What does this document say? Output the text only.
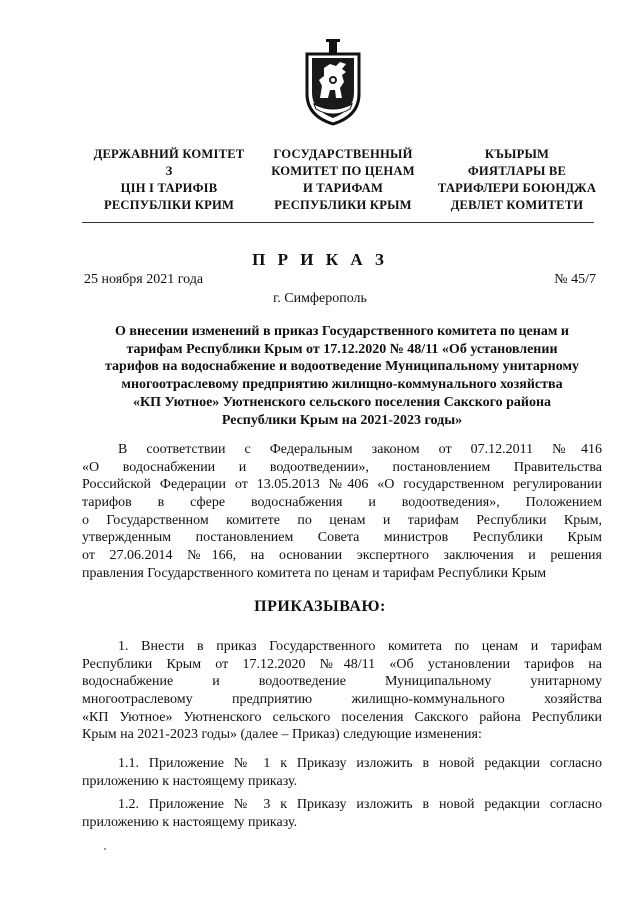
ДЕРЖАВНИЙ КОМІТЕТ
З
ЦІН І ТАРИФІВ
РЕСПУБЛІКИ КРИМ
ГОСУДАРСТВЕННЫЙ
КОМИТЕТ ПО ЦЕНАМ
И ТАРИФАМ
РЕСПУБЛИКИ КРЫМ
КЪЫРЫМ
ФИЯТЛАРЫ ВЕ
ТАРИФЛЕРИ БОЮНДЖА
ДЕВЛЕТ КОМИТЕТИ
П Р И К А З
25 ноября 2021 года	№ 45/7
г. Симферополь
О внесении изменений в приказ Государственного комитета по ценам и
тарифам Республики Крым от 17.12.2020 № 48/11 «Об установлении
тарифов на водоснабжение и водоотведение Муниципальному унитарному
многоотраслевому предприятию жилищно-коммунального хозяйства
«КП Уютное» Уютненского сельского поселения Сакского района
Республики Крым на 2021-2023 годы»
В соответствии с Федеральным законом от 07.12.2011 №416
«О водоснабжении и водоотведении», постановлением Правительства
Российской Федерации от 13.05.2013 №406 «О государственном регулировании
тарифов в сфере водоснабжения и водоотведения», Положением
о Государственном комитете по ценам и тарифам Республики Крым,
утвержденным постановлением Совета министров Республики Крым
от 27.06.2014 №166, на основании экспертного заключения и решения
правления Государственного комитета по ценам и тарифам Республики Крым
ПРИКАЗЫВАЮ:
1. Внести в приказ Государственного комитета по ценам и тарифам
Республики Крым от 17.12.2020 №48/11 «Об установлении тарифов на
водоснабжение и водоотведение Муниципальному унитарному
многоотраслевому предприятию жилищно-коммунального хозяйства
«КП Уютное» Уютненского сельского поселения Сакского района Республики
Крым на 2021-2023 годы» (далее – Приказ) следующие изменения:
1.1. Приложение № 1 к Приказу изложить в новой редакции согласно
приложению к настоящему приказу.
1.2. Приложение № 3 к Приказу изложить в новой редакции согласно
приложению к настоящему приказу.
